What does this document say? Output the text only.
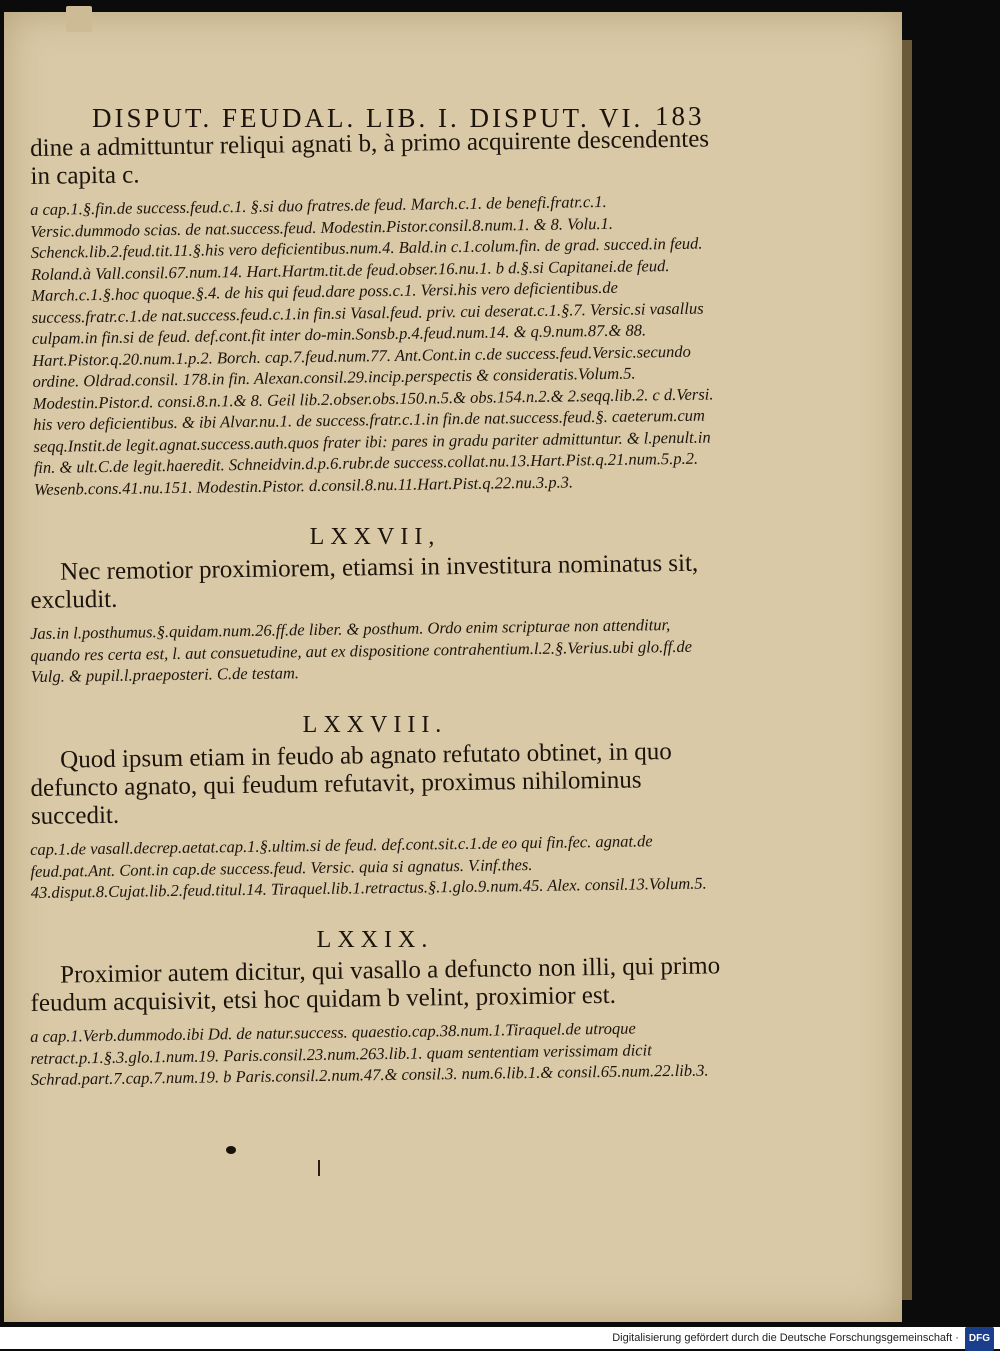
DISPUT. FEUDAL. LIB. I. DISPUT. VI. 183

dine a admittuntur reliqui agnati b, à primo acquirente descendentes in capita c.

a cap.1.§.fin.de success.feud.c.1. §.si duo fratres.de feud. March.c.1. de benefi.fratr.c.1. Versic.dummodo scias. de nat.success.feud. Modestin.Pistor.consil.8.num.1. & 8. Volu.1. Schenck.lib.2.feud.tit.11.§.his vero deficientibus.num.4. Bald.in c.1.colum.fin. de grad. succed.in feud. Roland.à Vall.consil.67.num.14. Hart.Hartm.tit.de feud.obser.16.nu.1. b d.§.si Capitanei.de feud. March.c.1.§.hoc quoque.§.4. de his qui feud.dare poss.c.1. Versi.his vero deficientibus.de success.fratr.c.1.de nat.success.feud.c.1.in fin.si Vasal.feud. priv. cui deserat.c.1.§.7. Versic.si vasallus culpam.in fin.si de feud. def.cont.fit inter do-min.Sonsb.p.4.feud.num.14. & q.9.num.87.& 88. Hart.Pistor.q.20.num.1.p.2. Borch. cap.7.feud.num.77. Ant.Cont.in c.de success.feud.Versic.secundo ordine. Oldrad.consil. 178.in fin. Alexan.consil.29.incip.perspectis & consideratis.Volum.5. Modestin.Pistor.d. consi.8.n.1.& 8. Geil lib.2.obser.obs.150.n.5.& obs.154.n.2.& 2.seqq.lib.2. c d.Versi. his vero deficientibus. & ibi Alvar.nu.1. de success.fratr.c.1.in fin.de nat.success.feud.§. caeterum.cum seqq.Instit.de legit.agnat.success.auth.quos frater ibi: pares in gradu pariter admittuntur. & l.penult.in fin. & ult.C.de legit.haeredit. Schneidvin.d.p.6.rubr.de success.collat.nu.13.Hart.Pist.q.21.num.5.p.2. Wesenb.cons.41.nu.151. Modestin.Pistor. d.consil.8.nu.11.Hart.Pist.q.22.nu.3.p.3.

LXXVII,

Nec remotior proximiorem, etiamsi in investitura nominatus sit, excludit.

Jas.in l.posthumus.§.quidam.num.26.ff.de liber. & posthum. Ordo enim scripturae non attenditur, quando res certa est, l. aut consuetudine, aut ex dispositione contrahentium.l.2.§.Verius.ubi glo.ff.de Vulg. & pupil.l.praeposteri. C.de testam.

LXXVIII.

Quod ipsum etiam in feudo ab agnato refutato obtinet, in quo defuncto agnato, qui feudum refutavit, proximus nihilominus succedit.

cap.1.de vasall.decrep.aetat.cap.1.§.ultim.si de feud. def.cont.sit.c.1.de eo qui fin.fec. agnat.de feud.pat.Ant. Cont.in cap.de success.feud. Versic. quia si agnatus. V.inf.thes. 43.disput.8.Cujat.lib.2.feud.titul.14. Tiraquel.lib.1.retractus.§.1.glo.9.num.45. Alex. consil.13.Volum.5.

LXXIX.

Proximior autem dicitur, qui vasallo a defuncto non illi, qui primo feudum acquisivit, etsi hoc quidam b velint, proximior est.

a cap.1.Verb.dummodo.ibi Dd. de natur.success. quaestio.cap.38.num.1.Tiraquel.de utroque retract.p.1.§.3.glo.1.num.19. Paris.consil.23.num.263.lib.1. quam sententiam verissimam dicit Schrad.part.7.cap.7.num.19. b Paris.consil.2.num.47.& consil.3. num.6.lib.1.& consil.65.num.22.lib.3.

Digitalisierung gefördert durch die Deutsche Forschungsgemeinschaft · DFG
